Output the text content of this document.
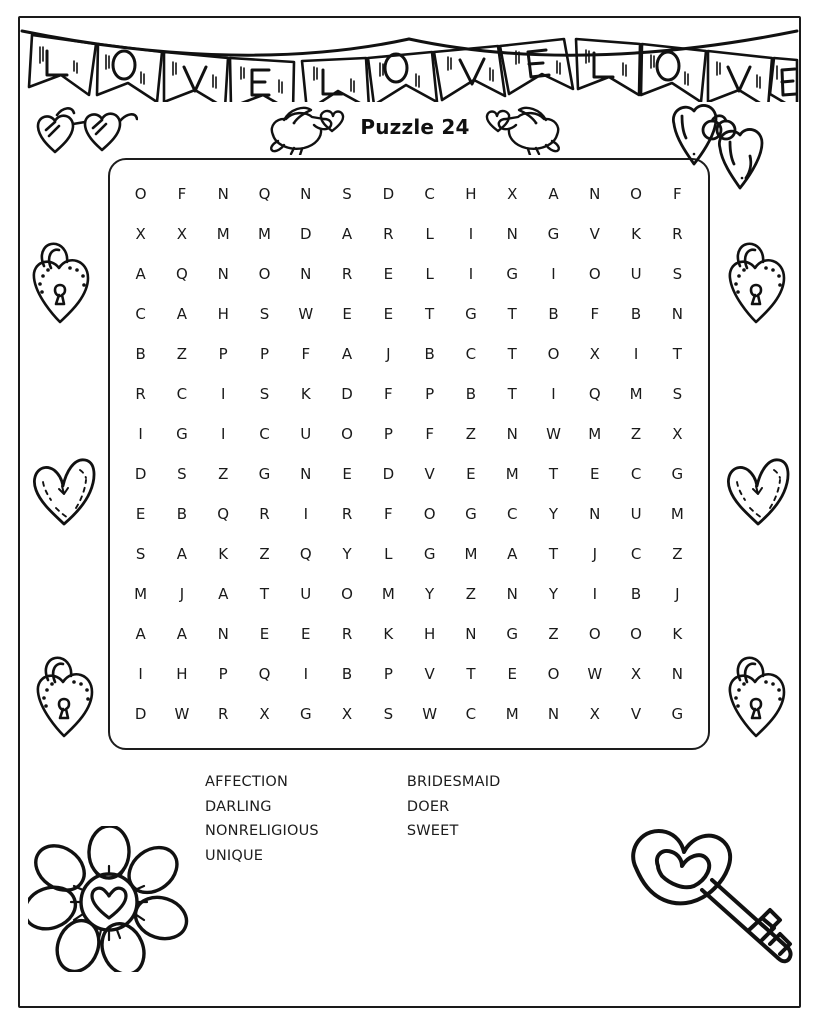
Puzzle 24
O	F	N	Q	N	S	D	C	H	X	A	N	O	F
X	X	M	M	D	A	R	L	I	N	G	V	K	R
A	Q	N	O	N	R	E	L	I	G	I	O	U	S
C	A	H	S	W	E	E	T	G	T	B	F	B	N
B	Z	P	P	F	A	J	B	C	T	O	X	I	T
R	C	I	S	K	D	F	P	B	T	I	Q	M	S
I	G	I	C	U	O	P	F	Z	N	W	M	Z	X
D	S	Z	G	N	E	D	V	E	M	T	E	C	G
E	B	Q	R	I	R	F	O	G	C	Y	N	U	M
S	A	K	Z	Q	Y	L	G	M	A	T	J	C	Z
M	J	A	T	U	O	M	Y	Z	N	Y	I	B	J
A	A	N	E	E	R	K	H	N	G	Z	O	O	K
I	H	P	Q	I	B	P	V	T	E	O	W	X	N
D	W	R	X	G	X	S	W	C	M	N	X	V	G
AFFECTION
DARLING
NONRELIGIOUS
UNIQUE
BRIDESMAID
DOER
SWEET
